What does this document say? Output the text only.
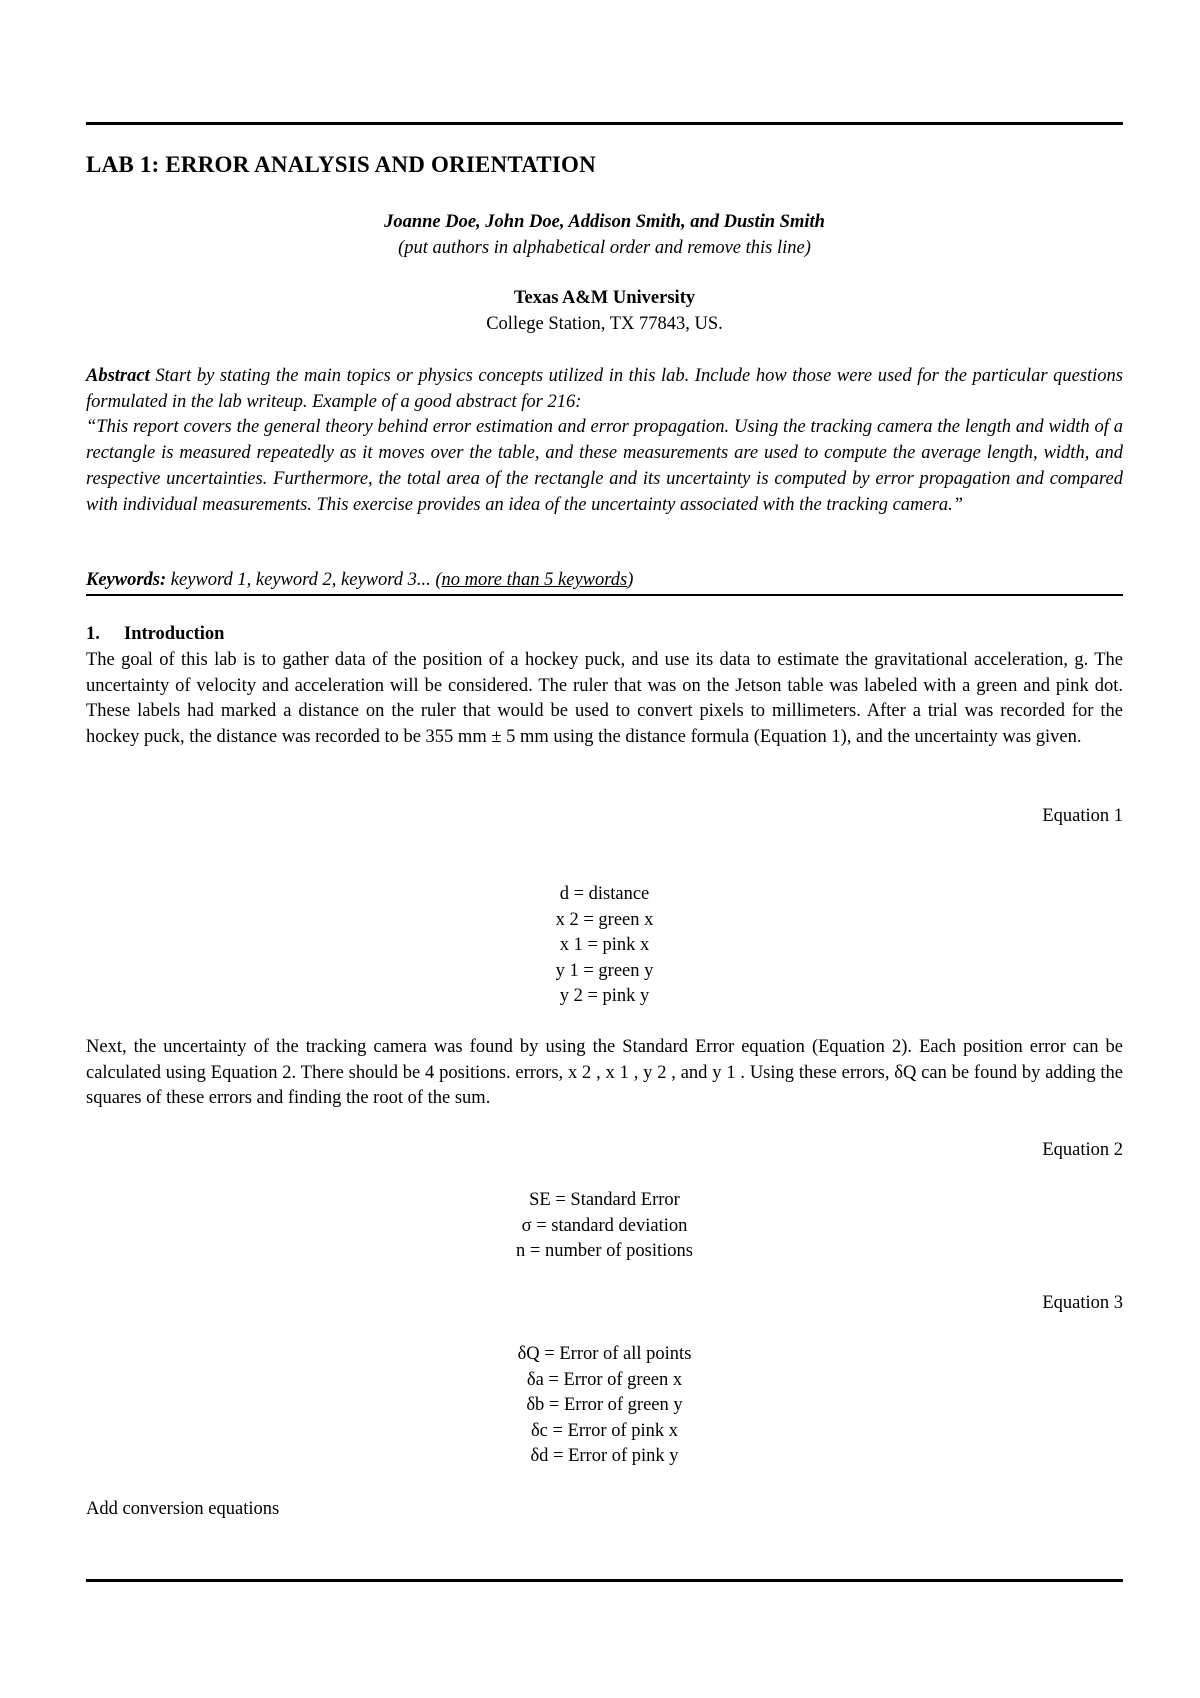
LAB 1: ERROR ANALYSIS AND ORIENTATION
Joanne Doe, John Doe, Addison Smith, and Dustin Smith
(put authors in alphabetical order and remove this line)
Texas A&M University
College Station, TX 77843, US.

Abstract Start by stating the main topics or physics concepts utilized in this lab. Include how those were used for the particular questions formulated in the lab writeup. Example of a good abstract for 216:

“This report covers the general theory behind error estimation and error propagation. Using the tracking camera the length and width of a rectangle is measured repeatedly as it moves over the table, and these measurements are used to compute the average length, width, and respective uncertainties. Furthermore, the total area of the rectangle and its uncertainty is computed by error propagation and compared with individual measurements. This exercise provides an idea of the uncertainty associated with the tracking camera.”

Keywords: keyword 1, keyword 2, keyword 3... (no more than 5 keywords)
1. Introduction

The goal of this lab is to gather data of the position of a hockey puck, and use its data to estimate the gravitational acceleration, g. The uncertainty of velocity and acceleration will be considered. The ruler that was on the Jetson table was labeled with a green and pink dot. These labels had marked a distance on the ruler that would be used to convert pixels to millimeters. After a trial was recorded for the hockey puck, the distance was recorded to be 355 mm ± 5 mm using the distance formula (Equation 1), and the uncertainty was given.

Equation 1
d = distance
x 2 = green x
x 1 = pink x
y 1 = green y
y 2 = pink y

Next, the uncertainty of the tracking camera was found by using the Standard Error equation (Equation 2). Each position error can be calculated using Equation 2. There should be 4 positions. errors, x 2 , x 1 , y 2 , and y 1 . Using these errors, δQ can be found by adding the squares of these errors and finding the root of the sum.

Equation 2
SE = Standard Error
σ = standard deviation
n = number of positions
Equation 3
δQ = Error of all points
δa = Error of green x
δb = Error of green y
δc = Error of pink x
δd = Error of pink y
Add conversion equations
